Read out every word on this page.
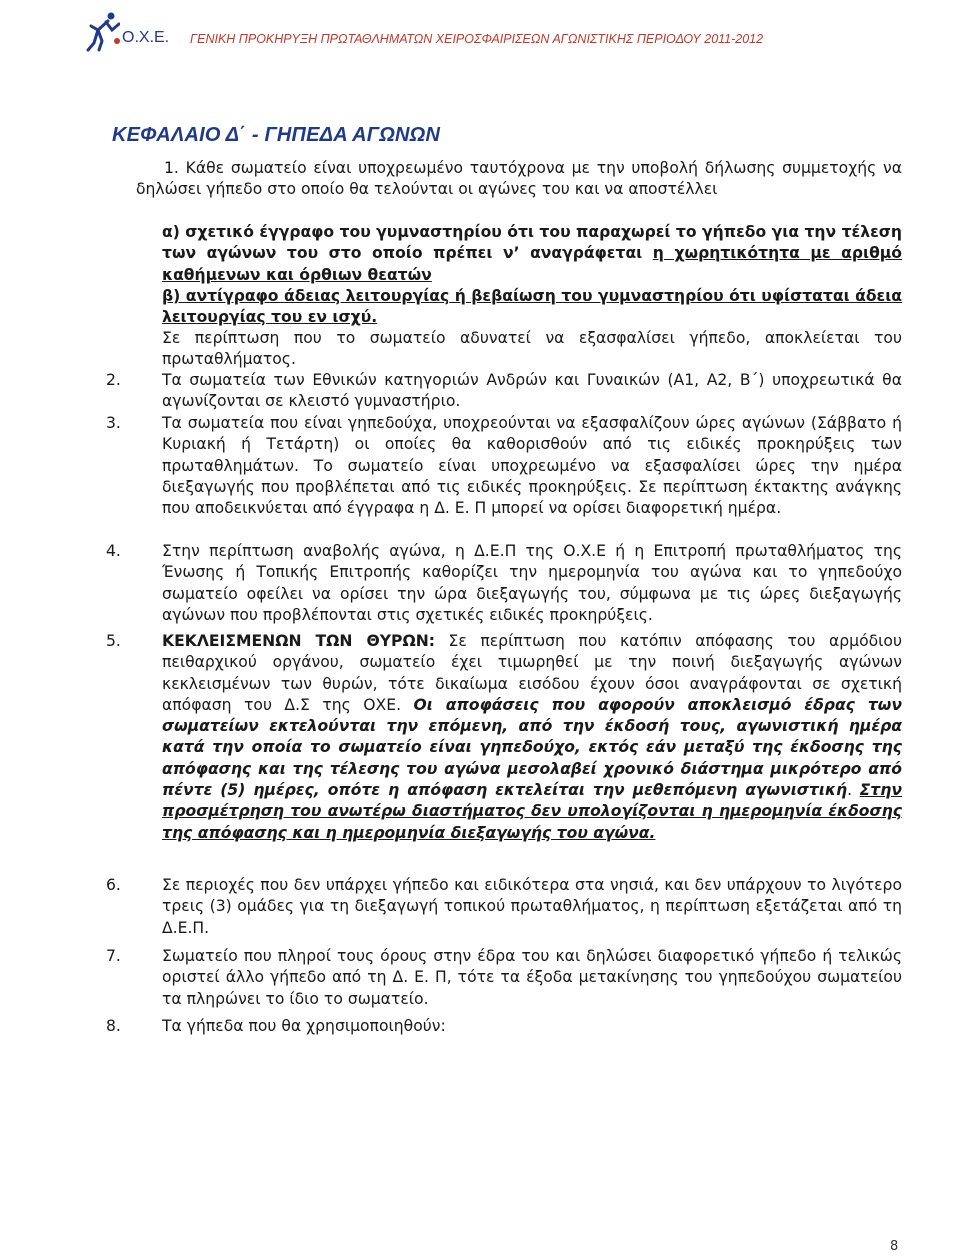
Ο.Χ.Ε. ΓΕΝΙΚΗ ΠΡΟΚΗΡΥΞΗ ΠΡΩΤΑΘΛΗΜΑΤΩΝ ΧΕΙΡΟΣΦΑΙΡΙΣΕΩΝ ΑΓΩΝΙΣΤΙΚΗΣ ΠΕΡΙΟΔΟΥ 2011-2012
ΚΕΦΑΛΑΙΟ Δ΄ - ΓΗΠΕΔΑ ΑΓΩΝΩΝ

1. Κάθε σωματείο είναι υποχρεωμένο ταυτόχρονα με την υποβολή δήλωσης συμμετοχής να δηλώσει γήπεδο στο οποίο θα τελούνται οι αγώνες του και να αποστέλλει

α) σχετικό έγγραφο του γυμναστηρίου ότι του παραχωρεί το γήπεδο για την τέλεση των αγώνων του στο οποίο πρέπει ν’ αναγράφεται η χωρητικότητα με αριθμό καθήμενων και όρθιων θεατών

β) αντίγραφο άδειας λειτουργίας ή βεβαίωση του γυμναστηρίου ότι υφίσταται άδεια λειτουργίας του εν ισχύ.

Σε περίπτωση που το σωματείο αδυνατεί να εξασφαλίσει γήπεδο, αποκλείεται του πρωταθλήματος.

2.	Τα σωματεία των Εθνικών κατηγοριών Ανδρών και Γυναικών (Α1, Α2, Β΄) υποχρεωτικά θα αγωνίζονται σε κλειστό γυμναστήριο.

3.	Τα σωματεία που είναι γηπεδούχα, υποχρεούνται να εξασφαλίζουν ώρες αγώνων (Σάββατο ή Κυριακή ή Τετάρτη) οι οποίες θα καθορισθούν από τις ειδικές προκηρύξεις των πρωταθλημάτων. Το σωματείο είναι υποχρεωμένο να εξασφαλίσει ώρες την ημέρα διεξαγωγής που προβλέπεται από τις ειδικές προκηρύξεις. Σε περίπτωση έκτακτης ανάγκης που αποδεικνύεται από έγγραφα η Δ. Ε. Π μπορεί να ορίσει διαφορετική ημέρα.

4.	Στην περίπτωση αναβολής αγώνα, η Δ.Ε.Π της Ο.Χ.Ε ή η Επιτροπή πρωταθλήματος της Ένωσης ή Τοπικής Επιτροπής καθορίζει την ημερομηνία του αγώνα και το γηπεδούχο σωματείο οφείλει να ορίσει την ώρα διεξαγωγής του, σύμφωνα με τις ώρες διεξαγωγής αγώνων που προβλέπονται στις σχετικές ειδικές προκηρύξεις.

5.	ΚΕΚΛΕΙΣΜΕΝΩΝ ΤΩΝ ΘΥΡΩΝ: Σε περίπτωση που κατόπιν απόφασης του αρμόδιου πειθαρχικού οργάνου, σωματείο έχει τιμωρηθεί με την ποινή διεξαγωγής αγώνων κεκλεισμένων των θυρών, τότε δικαίωμα εισόδου έχουν όσοι αναγράφονται σε σχετική απόφαση του Δ.Σ της ΟΧΕ. Οι αποφάσεις που αφορούν αποκλεισμό έδρας των σωματείων εκτελούνται την επόμενη, από την έκδοσή τους, αγωνιστική ημέρα κατά την οποία το σωματείο είναι γηπεδούχο, εκτός εάν μεταξύ της έκδοσης της απόφασης και της τέλεσης του αγώνα μεσολαβεί χρονικό διάστημα μικρότερο από πέντε (5) ημέρες, οπότε η απόφαση εκτελείται την μεθεπόμενη αγωνιστική. Στην προσμέτρηση του ανωτέρω διαστήματος δεν υπολογίζονται η ημερομηνία έκδοσης της απόφασης και η ημερομηνία διεξαγωγής του αγώνα.

6.	Σε περιοχές που δεν υπάρχει γήπεδο και ειδικότερα στα νησιά, και δεν υπάρχουν το λιγότερο τρεις (3) ομάδες για τη διεξαγωγή τοπικού πρωταθλήματος, η περίπτωση εξετάζεται από τη Δ.Ε.Π.

7.	Σωματείο που πληροί τους όρους στην έδρα του και δηλώσει διαφορετικό γήπεδο ή τελικώς οριστεί άλλο γήπεδο από τη Δ. Ε. Π, τότε τα έξοδα μετακίνησης του γηπεδούχου σωματείου τα πληρώνει το ίδιο το σωματείο.

8.	Τα γήπεδα που θα χρησιμοποιηθούν:

8
